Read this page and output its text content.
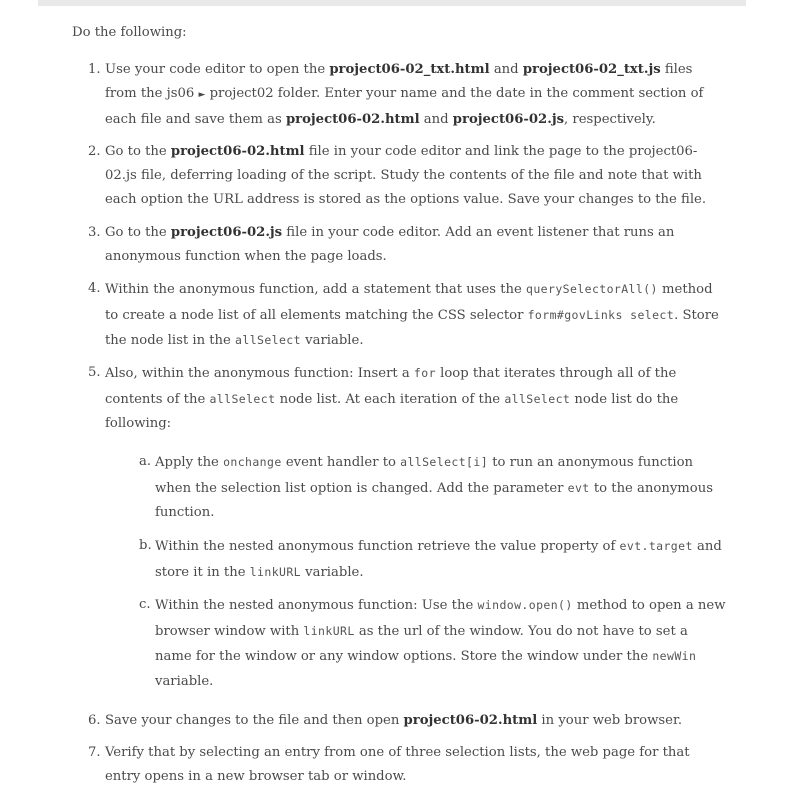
Do the following:
1. Use your code editor to open the project06-02_txt.html and project06-02_txt.js files from the js06 ► project02 folder. Enter your name and the date in the comment section of each file and save them as project06-02.html and project06-02.js, respectively.
2. Go to the project06-02.html file in your code editor and link the page to the project06-02.js file, deferring loading of the script. Study the contents of the file and note that with each option the URL address is stored as the options value. Save your changes to the file.
3. Go to the project06-02.js file in your code editor. Add an event listener that runs an anonymous function when the page loads.
4. Within the anonymous function, add a statement that uses the querySelectorAll() method to create a node list of all elements matching the CSS selector form#govLinks select. Store the node list in the allSelect variable.
5. Also, within the anonymous function: Insert a for loop that iterates through all of the contents of the allSelect node list. At each iteration of the allSelect node list do the following:
a. Apply the onchange event handler to allSelect[i] to run an anonymous function when the selection list option is changed. Add the parameter evt to the anonymous function.
b. Within the nested anonymous function retrieve the value property of evt.target and store it in the linkURL variable.
c. Within the nested anonymous function: Use the window.open() method to open a new browser window with linkURL as the url of the window. You do not have to set a name for the window or any window options. Store the window under the newWin variable.
6. Save your changes to the file and then open project06-02.html in your web browser.
7. Verify that by selecting an entry from one of three selection lists, the web page for that entry opens in a new browser tab or window.
